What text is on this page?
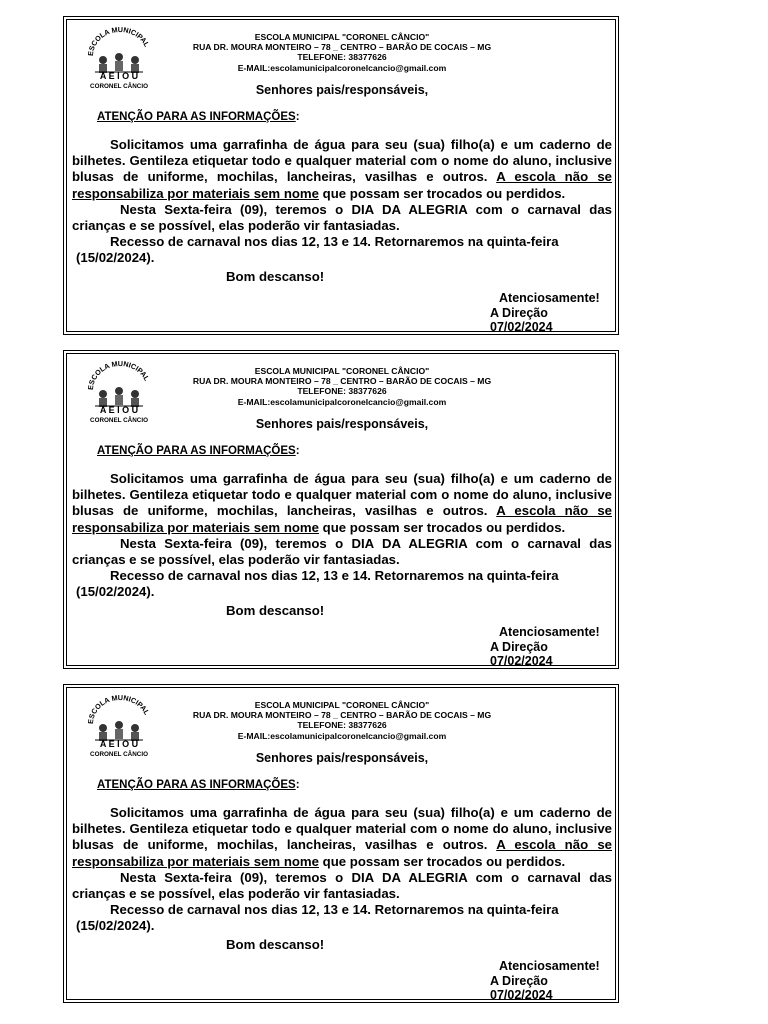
ESCOLA MUNICIPAL
A E I O U
CORONEL CÂNCIO
ESCOLA MUNICIPAL "CORONEL CÂNCIO"
RUA DR. MOURA MONTEIRO – 78 _ CENTRO – BARÃO DE COCAIS – MG
TELEFONE: 38377626
E-MAIL:escolamunicipalcoronelcancio@gmail.com
Senhores pais/responsáveis,
ATENÇÃO PARA AS INFORMAÇÕES:

Solicitamos uma garrafinha de água para seu (sua) filho(a) e um caderno de bilhetes. Gentileza etiquetar todo e qualquer material com o nome do aluno, inclusive blusas de uniforme, mochilas, lancheiras, vasilhas e outros. A escola não se responsabiliza por materiais sem nome que possam ser trocados ou perdidos.

Nesta Sexta-feira (09), teremos o DIA DA ALEGRIA com o carnaval das crianças e se possível, elas poderão vir fantasiadas.

Recesso de carnaval nos dias 12, 13 e 14. Retornaremos na quinta-feira

(15/02/2024).

Bom descanso!

Atenciosamente!
A Direção
07/02/2024
ESCOLA MUNICIPAL
A E I O U
CORONEL CÂNCIO
ESCOLA MUNICIPAL "CORONEL CÂNCIO"
RUA DR. MOURA MONTEIRO – 78 _ CENTRO – BARÃO DE COCAIS – MG
TELEFONE: 38377626
E-MAIL:escolamunicipalcoronelcancio@gmail.com
Senhores pais/responsáveis,
ATENÇÃO PARA AS INFORMAÇÕES:

Solicitamos uma garrafinha de água para seu (sua) filho(a) e um caderno de bilhetes. Gentileza etiquetar todo e qualquer material com o nome do aluno, inclusive blusas de uniforme, mochilas, lancheiras, vasilhas e outros. A escola não se responsabiliza por materiais sem nome que possam ser trocados ou perdidos.

Nesta Sexta-feira (09), teremos o DIA DA ALEGRIA com o carnaval das crianças e se possível, elas poderão vir fantasiadas.

Recesso de carnaval nos dias 12, 13 e 14. Retornaremos na quinta-feira

(15/02/2024).

Bom descanso!

Atenciosamente!
A Direção
07/02/2024
ESCOLA MUNICIPAL
A E I O U
CORONEL CÂNCIO
ESCOLA MUNICIPAL "CORONEL CÂNCIO"
RUA DR. MOURA MONTEIRO – 78 _ CENTRO – BARÃO DE COCAIS – MG
TELEFONE: 38377626
E-MAIL:escolamunicipalcoronelcancio@gmail.com
Senhores pais/responsáveis,
ATENÇÃO PARA AS INFORMAÇÕES:

Solicitamos uma garrafinha de água para seu (sua) filho(a) e um caderno de bilhetes. Gentileza etiquetar todo e qualquer material com o nome do aluno, inclusive blusas de uniforme, mochilas, lancheiras, vasilhas e outros. A escola não se responsabiliza por materiais sem nome que possam ser trocados ou perdidos.

Nesta Sexta-feira (09), teremos o DIA DA ALEGRIA com o carnaval das crianças e se possível, elas poderão vir fantasiadas.

Recesso de carnaval nos dias 12, 13 e 14. Retornaremos na quinta-feira

(15/02/2024).

Bom descanso!

Atenciosamente!
A Direção
07/02/2024
